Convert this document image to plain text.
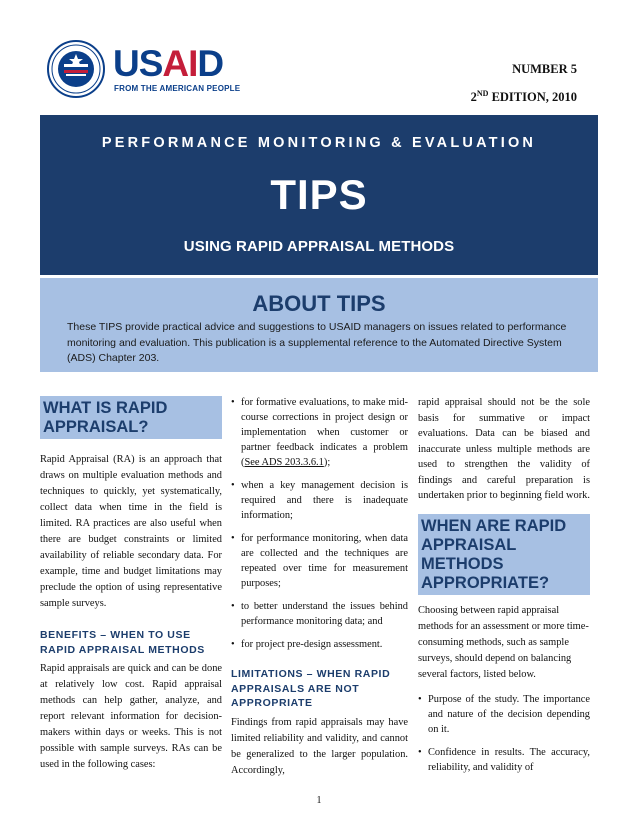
USAID
FROM THE AMERICAN PEOPLE
NUMBER 5
2ND EDITION, 2010
PERFORMANCE MONITORING & EVALUATION
TIPS
USING RAPID APPRAISAL METHODS
ABOUT TIPS
These TIPS provide practical advice and suggestions to USAID managers on issues related to performance monitoring and evaluation. This publication is a supplemental reference to the Automated Directive System (ADS) Chapter 203.
WHAT IS RAPID APPRAISAL?
Rapid Appraisal (RA) is an approach that draws on multiple evaluation methods and techniques to quickly, yet systematically, collect data when time in the field is limited. RA practices are also useful when there are budget constraints or limited availability of reliable secondary data. For example, time and budget limitations may preclude the option of using representative sample surveys.
BENEFITS – WHEN TO USE RAPID APPRAISAL METHODS
Rapid appraisals are quick and can be done at relatively low cost. Rapid appraisal methods can help gather, analyze, and report relevant information for decision-makers within days or weeks. This is not possible with sample surveys. RAs can be used in the following cases:
• for formative evaluations, to make mid-course corrections in project design or implementation when customer or partner feedback indicates a problem (See ADS 203.3.6.1);
• when a key management decision is required and there is inadequate information;
• for performance monitoring, when data are collected and the techniques are repeated over time for measurement purposes;
• to better understand the issues behind performance monitoring data; and
• for project pre-design assessment.
LIMITATIONS – WHEN RAPID APPRAISALS ARE NOT APPROPRIATE
Findings from rapid appraisals may have limited reliability and validity, and cannot be generalized to the larger population. Accordingly,
rapid appraisal should not be the sole basis for summative or impact evaluations. Data can be biased and inaccurate unless multiple methods are used to strengthen the validity of findings and careful preparation is undertaken prior to beginning field work.
WHEN ARE RAPID APPRAISAL METHODS APPROPRIATE?
Choosing between rapid appraisal methods for an assessment or more time-consuming methods, such as sample surveys, should depend on balancing several factors, listed below.
• Purpose of the study. The importance and nature of the decision depending on it.
• Confidence in results. The accuracy, reliability, and validity of
1
